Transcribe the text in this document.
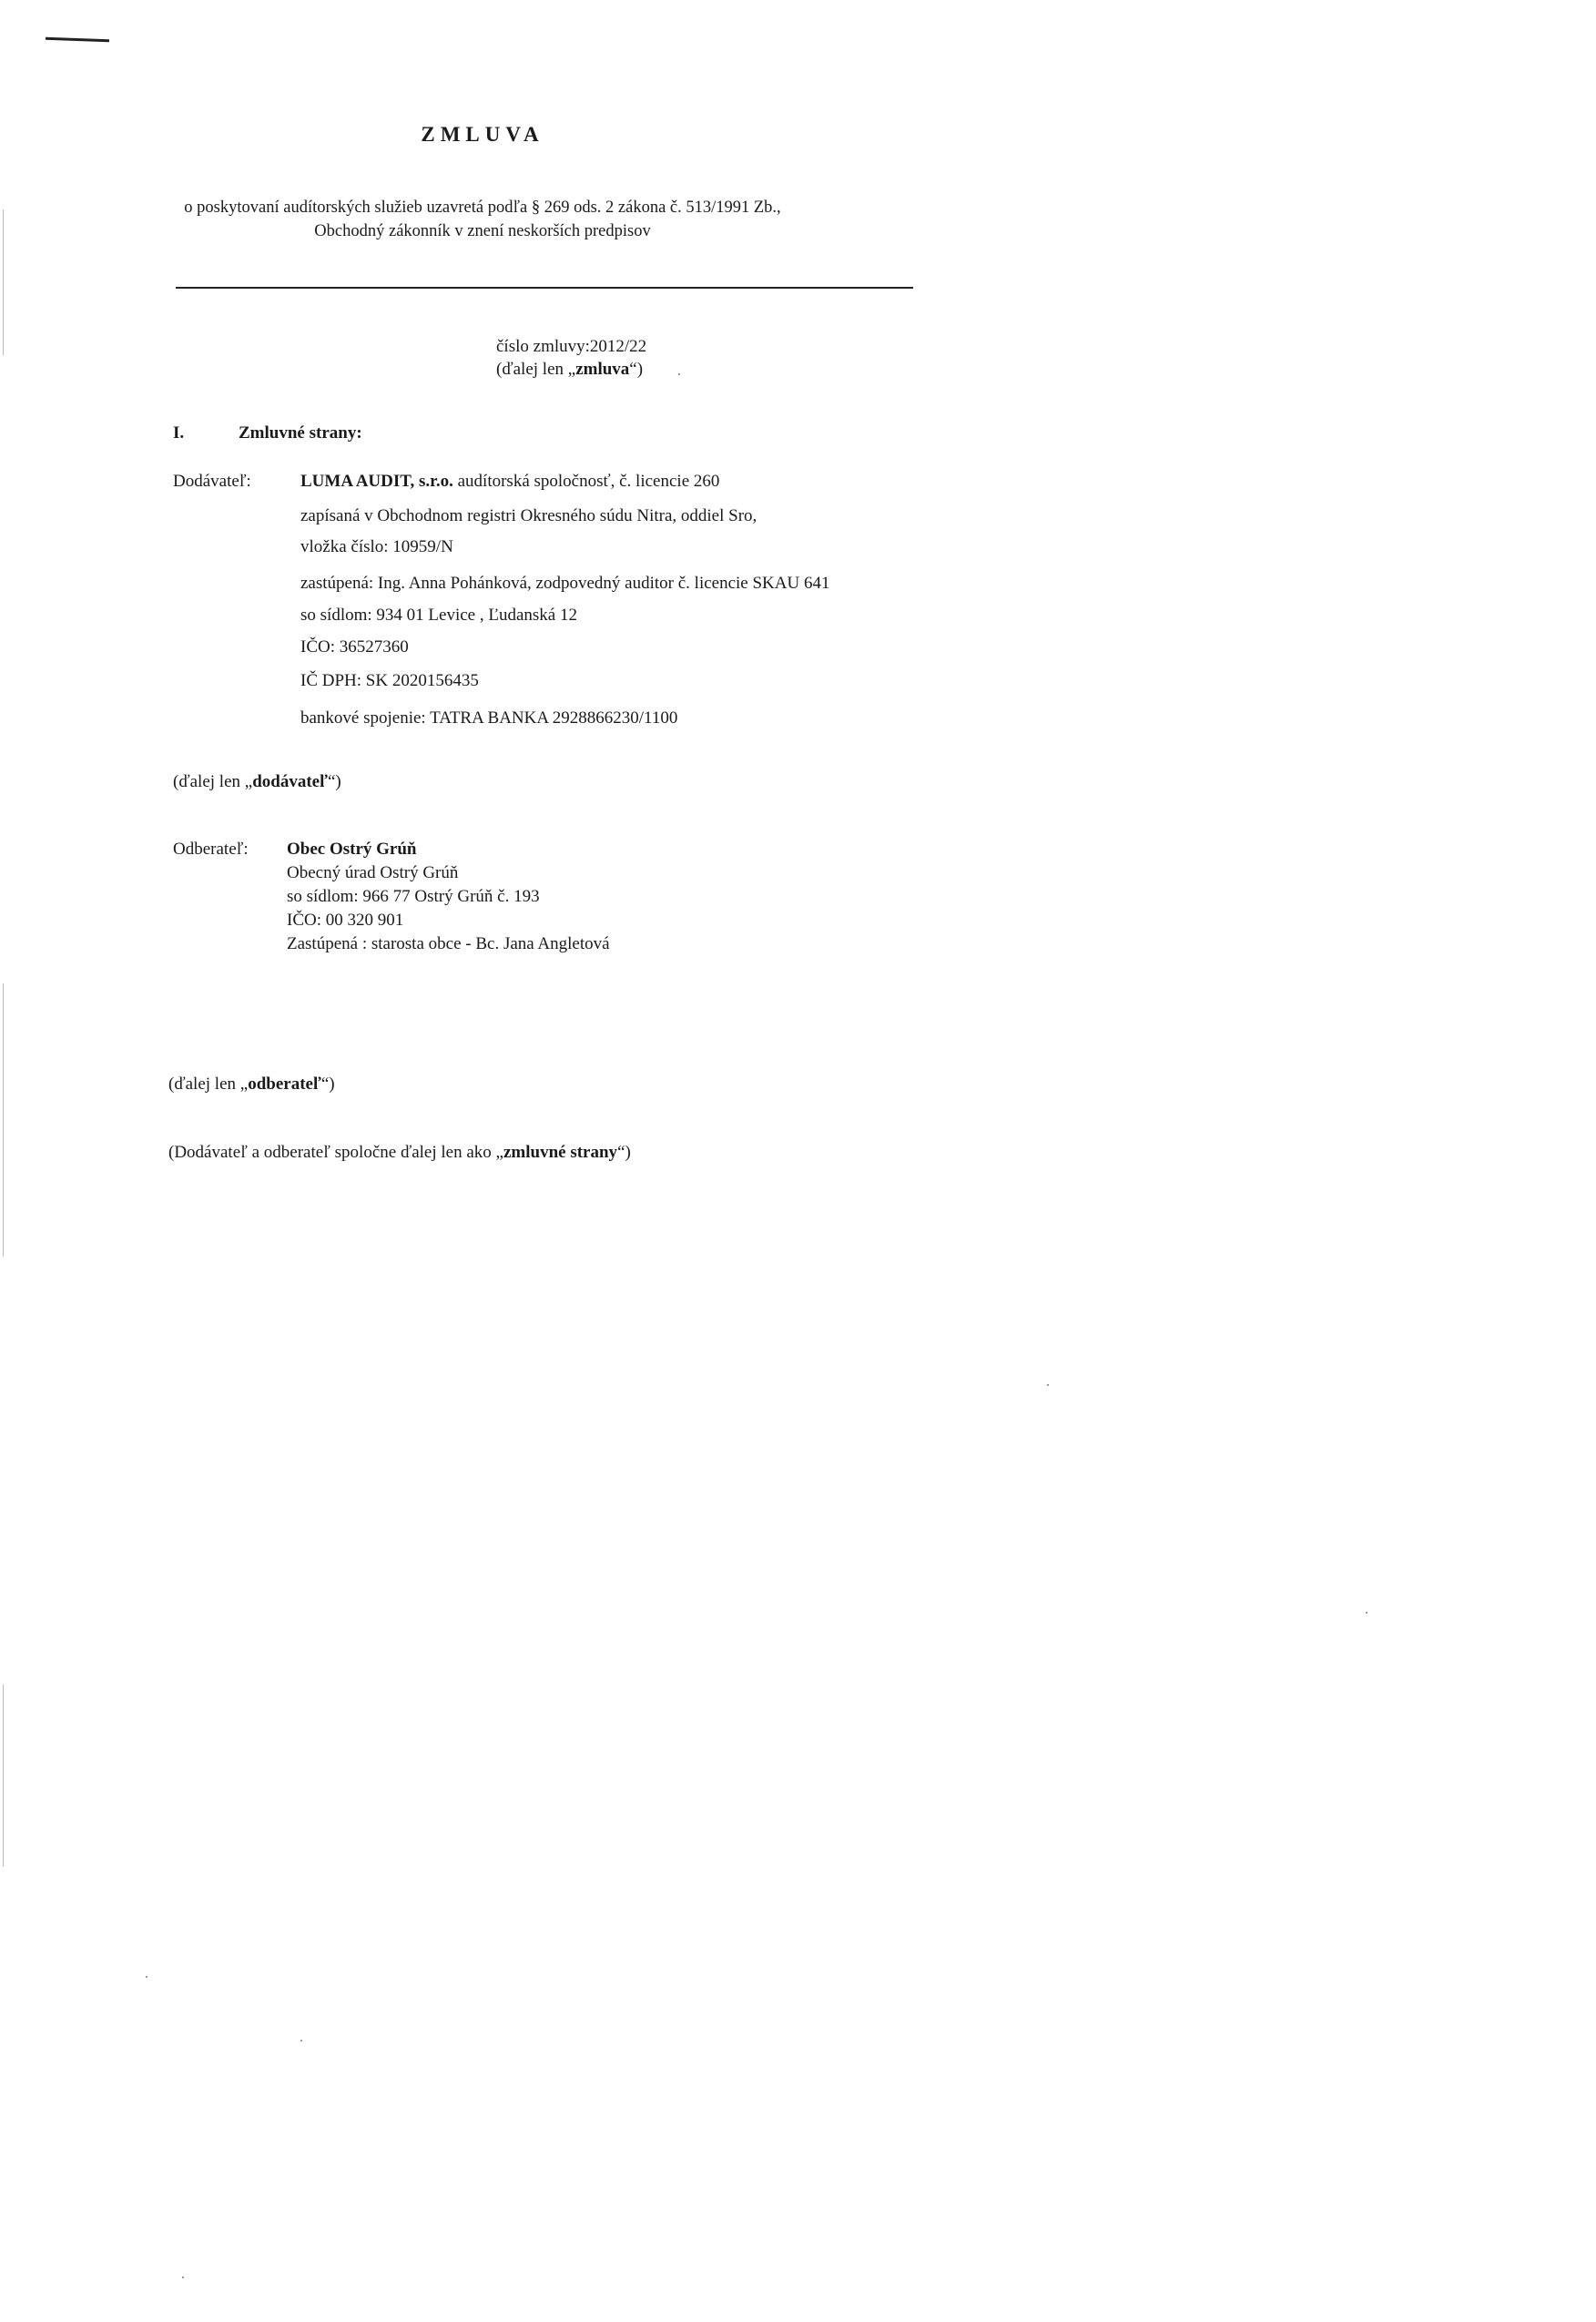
ZMLUVA
o poskytovaní audítorských služieb uzavretá podľa § 269 ods. 2 zákona č. 513/1991 Zb.,
Obchodný zákonník v znení neskorších predpisov
číslo zmluvy:2012/22
(ďalej len „zmluva“)
I.	Zmluvné strany:
Dodávateľ:	LUMA AUDIT, s.r.o. audítorská spoločnosť, č. licencie 260
zapísaná v Obchodnom registri Okresného súdu Nitra, oddiel Sro,
vložka číslo: 10959/N
zastúpená: Ing. Anna Pohánková, zodpovedný auditor č. licencie SKAU 641
so sídlom: 934 01 Levice , Ľudanská 12
IČO: 36527360
IČ DPH: SK 2020156435
bankové spojenie: TATRA BANKA 2928866230/1100
(ďalej len „dodávateľ“)
Odberateľ: Obec Ostrý Grúň
Obecný úrad Ostrý Grúň
so sídlom: 966 77 Ostrý Grúň č. 193
IČO: 00 320 901
Zastúpená : starosta obce - Bc. Jana Angletová
(ďalej len „odberateľ“)
(Dodávateľ a odberateľ spoločne ďalej len ako „zmluvné strany“)
